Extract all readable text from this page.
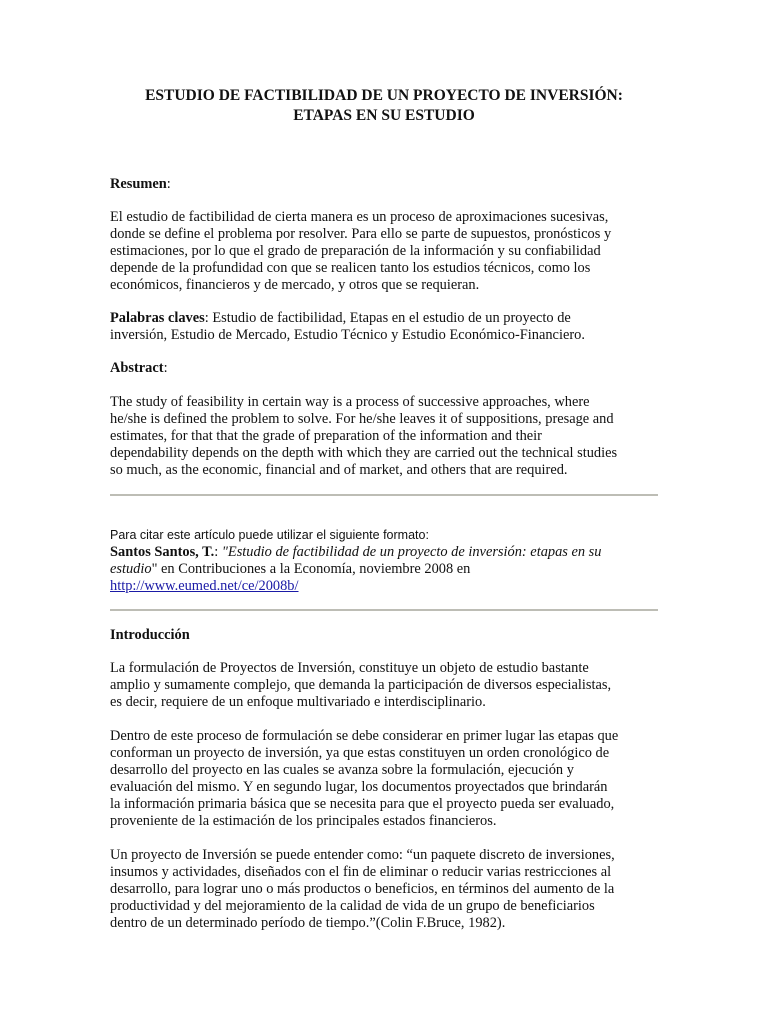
ESTUDIO DE FACTIBILIDAD DE UN PROYECTO DE INVERSIÓN:
ETAPAS EN SU ESTUDIO
Resumen:
El estudio de factibilidad de cierta manera es un proceso de aproximaciones sucesivas,
donde se define el problema por resolver. Para ello se parte de supuestos, pronósticos y
estimaciones, por lo que el grado de preparación de la información y su confiabilidad
depende de la profundidad con que se realicen tanto los estudios técnicos, como los
económicos, financieros y de mercado, y otros que se requieran.
Palabras claves: Estudio de factibilidad, Etapas en el estudio de un proyecto de
inversión, Estudio de Mercado, Estudio Técnico y Estudio Económico-Financiero.
Abstract:
The study of feasibility in certain way is a process of successive approaches, where
he/she is defined the problem to solve. For he/she leaves it of suppositions, presage and
estimates, for that that the grade of preparation of the information and their
dependability depends on the depth with which they are carried out the technical studies
so much, as the economic, financial and of market, and others that are required.
Para citar este artículo puede utilizar el siguiente formato:
Santos Santos, T.: "Estudio de factibilidad de un proyecto de inversión: etapas en su
estudio" en Contribuciones a la Economía, noviembre 2008 en
http://www.eumed.net/ce/2008b/
Introducción
La formulación de Proyectos de Inversión, constituye un objeto de estudio bastante
amplio y sumamente complejo, que demanda la participación de diversos especialistas,
es decir, requiere de un enfoque multivariado e interdisciplinario.
Dentro de este proceso de formulación se debe considerar en primer lugar las etapas que
conforman un proyecto de inversión, ya que estas constituyen un orden cronológico de
desarrollo del proyecto en las cuales se avanza sobre la formulación, ejecución y
evaluación del mismo. Y en segundo lugar, los documentos proyectados que brindarán
la información primaria básica que se necesita para que el proyecto pueda ser evaluado,
proveniente de la estimación de los principales estados financieros.
Un proyecto de Inversión se puede entender como: “un paquete discreto de inversiones,
insumos y actividades, diseñados con el fin de eliminar o reducir varias restricciones al
desarrollo, para lograr uno o más productos o beneficios, en términos del aumento de la
productividad y del mejoramiento de la calidad de vida de un grupo de beneficiarios
dentro de un determinado período de tiempo.”(Colin F.Bruce, 1982).
